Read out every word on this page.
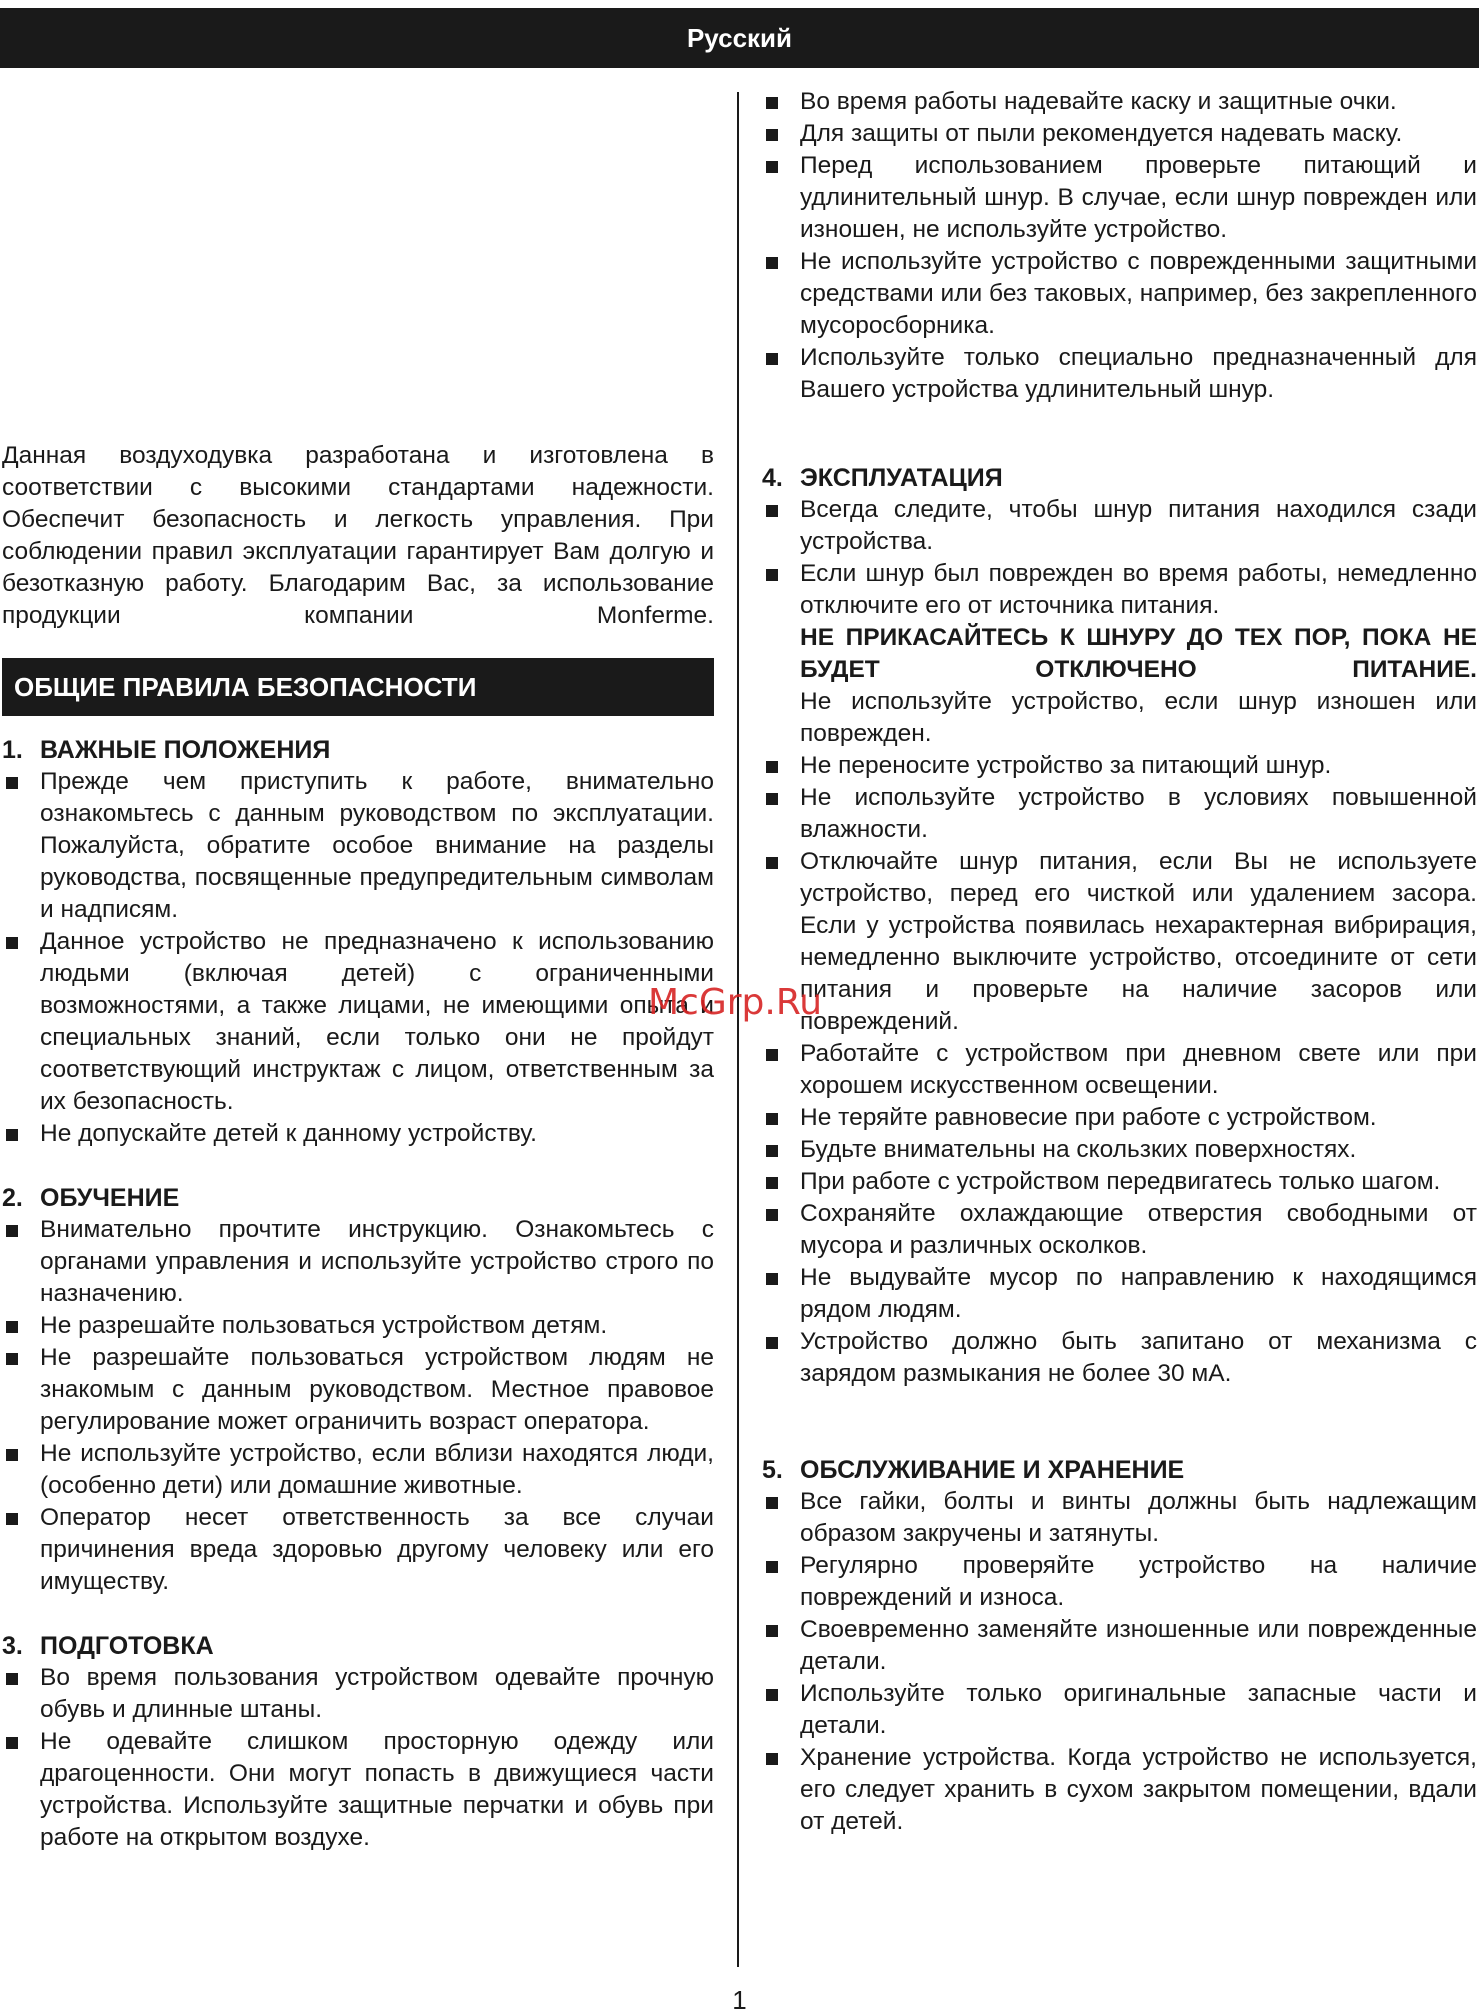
Русский

Данная воздуходувка разработана и изготовлена в соответствии с высокими стандартами надежности. Обеспечит безопасность и легкость управления. При соблюдении правил эксплуатации гарантирует Вам долгую и безотказную работу. Благодарим Вас, за использование продукции компании Monferme.

ОБЩИЕ ПРАВИЛА БЕЗОПАСНОСТИ
1. ВАЖНЫЕ ПОЛОЖЕНИЯ
Прежде чем приступить к работе, внимательно ознакомьтесь с данным руководством по эксплуатации. Пожалуйста, обратите особое внимание на разделы руководства, посвященные предупредительным символам и надписям.
Данное устройство не предназначено к использованию людьми (включая детей) с ограниченными возможностями, а также лицами, не имеющими опыта и специальных знаний, если только они не пройдут соответствующий инструктаж с лицом, ответственным за их безопасность.
Не допускайте детей к данному устройству.
2. ОБУЧЕНИЕ
Внимательно прочтите инструкцию. Ознакомьтесь с органами управления и используйте устройство строго по назначению.
Не разрешайте пользоваться устройством детям.
Не разрешайте пользоваться устройством людям не знакомым с данным руководством. Местное правовое регулирование может ограничить возраст оператора.
Не используйте устройство, если вблизи находятся люди, (особенно дети) или домашние животные.
Оператор несет ответственность за все случаи причинения вреда здоровью другому человеку или его имуществу.
3. ПОДГОТОВКА
Во время пользования устройством одевайте прочную обувь и длинные штаны.
Не одевайте слишком просторную одежду или драгоценности. Они могут попасть в движущиеся части устройства. Используйте защитные перчатки и обувь при работе на открытом воздухе.
Во время работы надевайте каску и защитные очки.
Для защиты от пыли рекомендуется надевать маску.
Перед использованием проверьте питающий и удлинительный шнур. В случае, если шнур поврежден или изношен, не используйте устройство.
Не используйте устройство с поврежденными защитными средствами или без таковых, например, без закрепленного мусоросборника.
Используйте только специально предназначенный для Вашего устройства удлинительный шнур.
4. ЭКСПЛУАТАЦИЯ
Всегда следите, чтобы шнур питания находился сзади устройства.
Если шнур был поврежден во время работы, немедленно отключите его от источника питания.
НЕ ПРИКАСАЙТЕСЬ К ШНУРУ ДО ТЕХ ПОР, ПОКА НЕ БУДЕТ ОТКЛЮЧЕНО ПИТАНИЕ.
Не используйте устройство, если шнур изношен или поврежден.
Не переносите устройство за питающий шнур.
Не используйте устройство в условиях повышенной влажности.
Отключайте шнур питания, если Вы не используете устройство, перед его чисткой или удалением засора. Если у устройства появилась нехарактерная вибрирация, немедленно выключите устройство, отсоедините от сети питания и проверьте на наличие засоров или повреждений.
Работайте с устройством при дневном свете или при хорошем искусственном освещении.
Не теряйте равновесие при работе с устройством.
Будьте внимательны на скользких поверхностях.
При работе с устройством передвигатесь только шагом.
Сохраняйте охлаждающие отверстия свободными от мусора и различных осколков.
Не выдувайте мусор по направлению к находящимся рядом людям.
Устройство должно быть запитано от механизма с зарядом размыкания не более 30 мА.
5. ОБСЛУЖИВАНИЕ И ХРАНЕНИЕ
Все гайки, болты и винты должны быть надлежащим образом закручены и затянуты.
Регулярно проверяйте устройство на наличие повреждений и износа.
Своевременно заменяйте изношенные или поврежденные детали.
Используйте только оригинальные запасные части и детали.
Хранение устройства. Когда устройство не используется, его следует хранить в сухом закрытом помещении, вдали от детей.
McGrp.Ru
1
